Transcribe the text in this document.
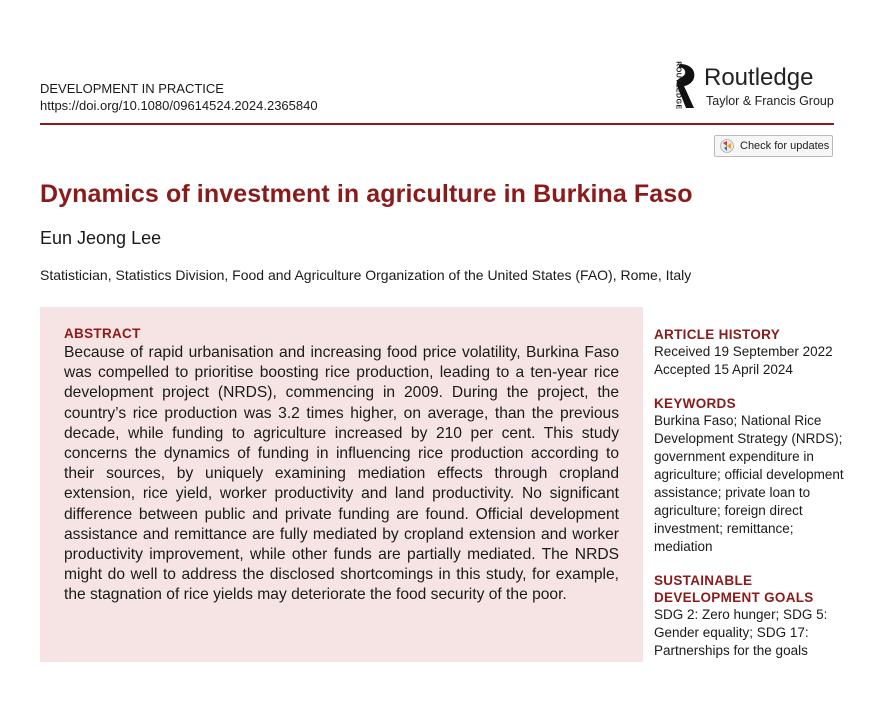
DEVELOPMENT IN PRACTICE
https://doi.org/10.1080/09614524.2024.2365840	ROUTLEDGE Routledge
Taylor & Francis Group
Check for updates
Dynamics of investment in agriculture in Burkina Faso
Eun Jeong Lee
Statistician, Statistics Division, Food and Agriculture Organization of the United States (FAO), Rome, Italy
ABSTRACT
Because of rapid urbanisation and increasing food price volatility, Burkina Faso was compelled to prioritise boosting rice production, leading to a ten-year rice development project (NRDS), commencing in 2009. During the project, the country’s rice production was 3.2 times higher, on average, than the previous decade, while funding to agriculture increased by 210 per cent. This study concerns the dynamics of funding in influencing rice production according to their sources, by uniquely examining mediation effects through cropland extension, rice yield, worker productivity and land productivity. No significant difference between public and private funding are found. Official development assistance and remittance are fully mediated by cropland extension and worker productivity improvement, while other funds are partially mediated. The NRDS might do well to address the disclosed shortcomings in this study, for example, the stagnation of rice yields may deteriorate the food security of the poor.
ARTICLE HISTORY
Received 19 September 2022
Accepted 15 April 2024
KEYWORDS
Burkina Faso; National Rice Development Strategy (NRDS); government expenditure in agriculture; official development assistance; private loan to agriculture; foreign direct investment; remittance; mediation
SUSTAINABLE DEVELOPMENT GOALS
SDG 2: Zero hunger; SDG 5: Gender equality; SDG 17: Partnerships for the goals
